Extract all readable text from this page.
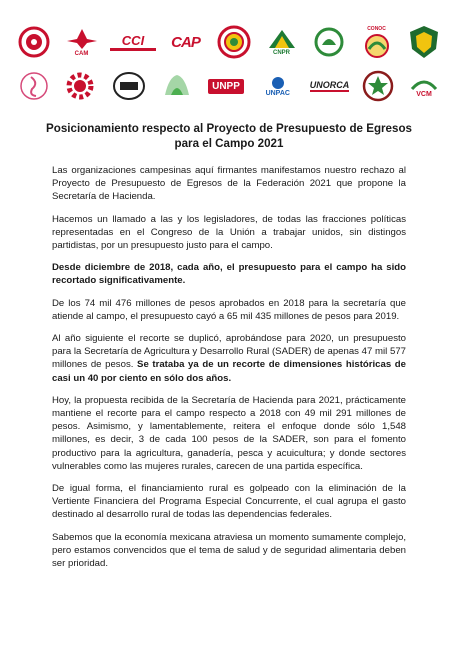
CAM
CCI CAP
CNPR
CONOC
UNPP
UNPAC
UNORCA
VCM
Posicionamiento respecto al Proyecto de Presupuesto de Egresos para el Campo 2021

Las organizaciones campesinas aquí firmantes manifestamos nuestro rechazo al Proyecto de Presupuesto de Egresos de la Federación 2021 que propone la Secretaría de Hacienda.

Hacemos un llamado a las y los legisladores, de todas las fracciones políticas representadas en el Congreso de la Unión a trabajar unidos, sin distingos partidistas, por un presupuesto justo para el campo.

Desde diciembre de 2018, cada año, el presupuesto para el campo ha sido recortado significativamente.

De los 74 mil 476 millones de pesos aprobados en 2018 para la secretaría que atiende al campo, el presupuesto cayó a 65 mil 435 millones de pesos para 2019.

Al año siguiente el recorte se duplicó, aprobándose para 2020, un presupuesto para la Secretaría de Agricultura y Desarrollo Rural (SADER) de apenas 47 mil 577 millones de pesos. Se trataba ya de un recorte de dimensiones históricas de casi un 40 por ciento en sólo dos años.

Hoy, la propuesta recibida de la Secretaría de Hacienda para 2021, prácticamente mantiene el recorte para el campo respecto a 2018 con 49 mil 291 millones de pesos. Asimismo, y lamentablemente, reitera el enfoque donde sólo 1,548 millones, es decir, 3 de cada 100 pesos de la SADER, son para el fomento productivo para la agricultura, ganadería, pesca y acuicultura; y donde sectores vulnerables como las mujeres rurales, carecen de una partida específica.

De igual forma, el financiamiento rural es golpeado con la eliminación de la Vertiente Financiera del Programa Especial Concurrente, el cual agrupa el gasto destinado al desarrollo rural de todas las dependencias federales.

Sabemos que la economía mexicana atraviesa un momento sumamente complejo, pero estamos convencidos que el tema de salud y de seguridad alimentaria deben ser prioridad.
